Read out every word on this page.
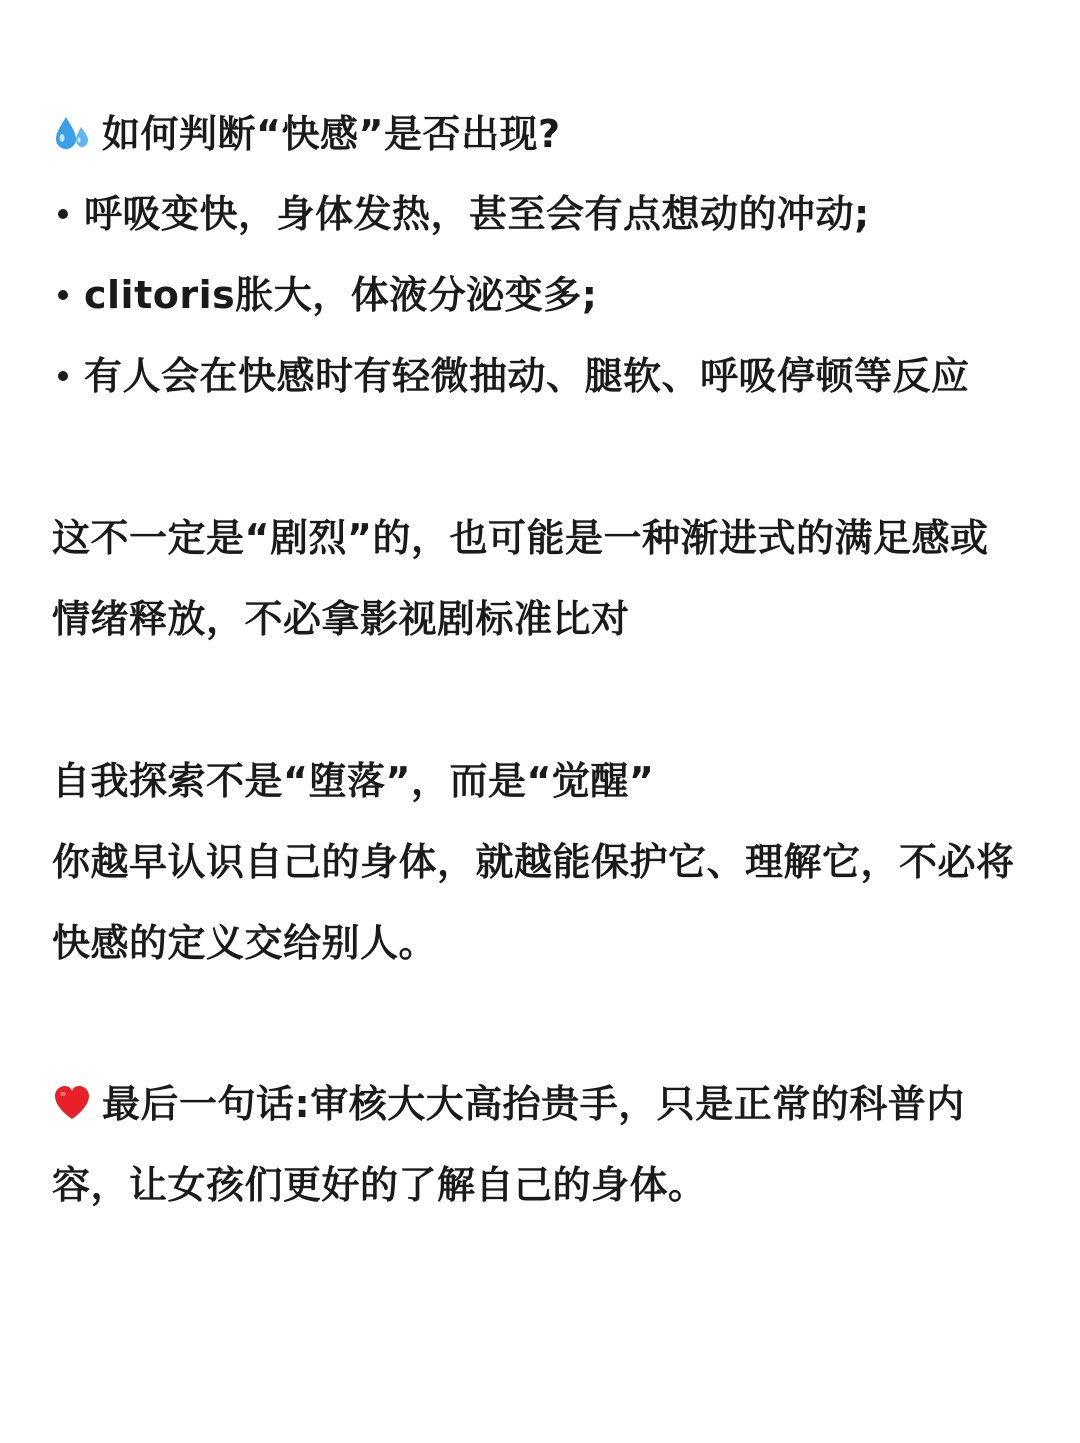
如何判断“快感”是否出现?
呼吸变快，身体发热，甚至会有点想动的冲动;
clitoris胀大，体液分泌变多;
有人会在快感时有轻微抽动、腿软、呼吸停顿等反应
这不一定是“剧烈”的，也可能是一种渐进式的满足感或
情绪释放，不必拿影视剧标准比对
自我探索不是“堕落”，而是“觉醒”
你越早认识自己的身体，就越能保护它、理解它，不必将
快感的定义交给别人。
最后一句话:审核大大高抬贵手，只是正常的科普内
容，让女孩们更好的了解自己的身体。
